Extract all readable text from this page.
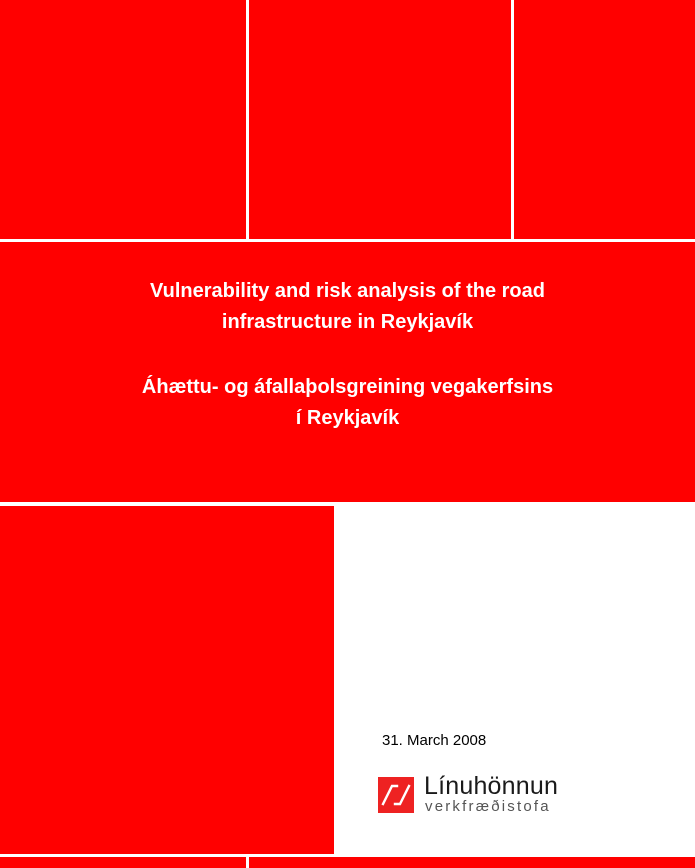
Vulnerability and risk analysis of the road
infrastructure in Reykjavík
Áhættu- og áfallaþolsgreining vegakerfsins
í Reykjavík
31. March 2008
Línuhönnun
verkfræðistofa
